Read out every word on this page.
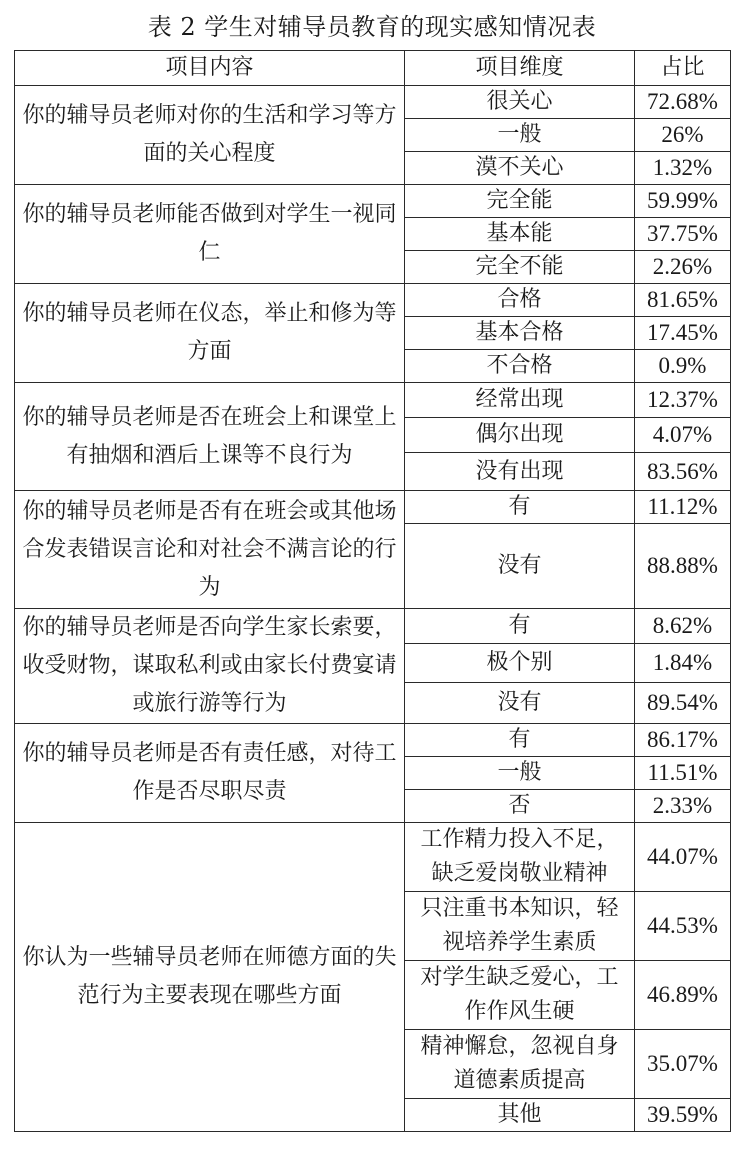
表 2 学生对辅导员教育的现实感知情况表
项目内容	项目维度	占比
你的辅导员老师对你的生活和学习等方面的关心程度	很关心	72.68%
	一般	26%
	漠不关心	1.32%
你的辅导员老师能否做到对学生一视同仁	完全能	59.99%
	基本能	37.75%
	完全不能	2.26%
你的辅导员老师在仪态，举止和修为等方面	合格	81.65%
	基本合格	17.45%
	不合格	0.9%
你的辅导员老师是否在班会上和课堂上有抽烟和酒后上课等不良行为	经常出现	12.37%
	偶尔出现	4.07%
	没有出现	83.56%
你的辅导员老师是否有在班会或其他场合发表错误言论和对社会不满言论的行为	有	11.12%
	没有	88.88%
你的辅导员老师是否向学生家长索要，收受财物，谋取私利或由家长付费宴请或旅行游等行为	有	8.62%
	极个别	1.84%
	没有	89.54%
你的辅导员老师是否有责任感，对待工作是否尽职尽责	有	86.17%
	一般	11.51%
	否	2.33%
你认为一些辅导员老师在师德方面的失范行为主要表现在哪些方面	工作精力投入不足，缺乏爱岗敬业精神	44.07%
	只注重书本知识，轻视培养学生素质	44.53%
	对学生缺乏爱心，工作作风生硬	46.89%
	精神懈怠，忽视自身道德素质提高	35.07%
	其他	39.59%
